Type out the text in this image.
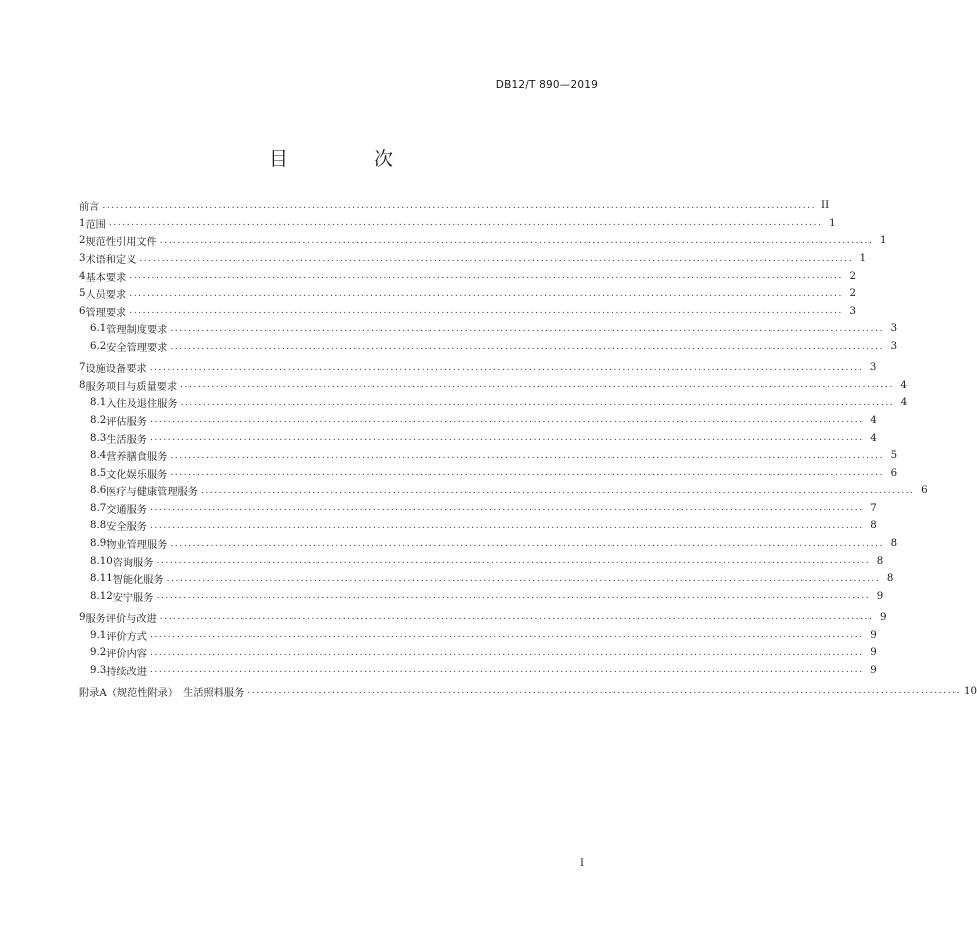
DB12/T 890—2019
目 次
前言 ................................................................................................................................................................ II
1 范围 ................................................................................................................................................................ 1
2 规范性引用文件 ................................................................................................................................................................ 1
3 术语和定义 ................................................................................................................................................................ 1
4 基本要求 ................................................................................................................................................................ 2
5 人员要求 ................................................................................................................................................................ 2
6 管理要求 ................................................................................................................................................................ 3
6.1 管理制度要求 ................................................................................................................................................................ 3
6.2 安全管理要求 ................................................................................................................................................................ 3
7 设施设备要求 ................................................................................................................................................................ 3
8 服务项目与质量要求 ................................................................................................................................................................ 4
8.1 入住及退住服务 ................................................................................................................................................................ 4
8.2 评估服务 ................................................................................................................................................................ 4
8.3 生活服务 ................................................................................................................................................................ 4
8.4 营养膳食服务 ................................................................................................................................................................ 5
8.5 文化娱乐服务 ................................................................................................................................................................ 6
8.6 医疗与健康管理服务 ................................................................................................................................................................ 6
8.7 交通服务 ................................................................................................................................................................ 7
8.8 安全服务 ................................................................................................................................................................ 8
8.9 物业管理服务 ................................................................................................................................................................ 8
8.10 咨询服务 ................................................................................................................................................................ 8
8.11 智能化服务 ................................................................................................................................................................ 8
8.12 安宁服务 ................................................................................................................................................................ 9
9 服务评价与改进 ................................................................................................................................................................ 9
9.1 评价方式 ................................................................................................................................................................ 9
9.2 评价内容 ................................................................................................................................................................ 9
9.3 持续改进 ................................................................................................................................................................ 9
附录A（规范性附录）　生活照料服务 ................................................................................................................................................................ 10
I
